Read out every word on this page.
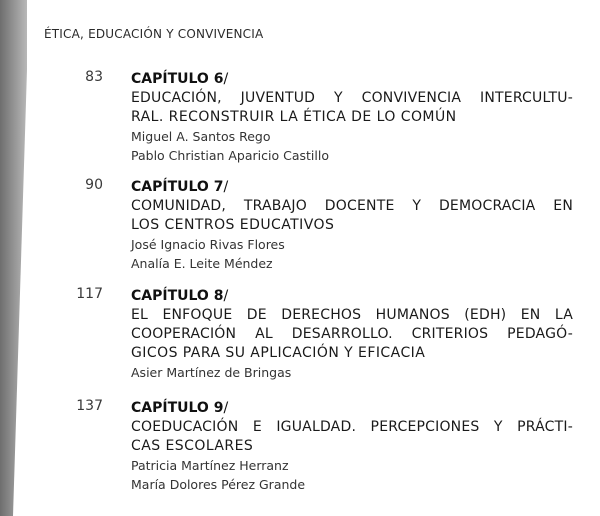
ÉTICA, EDUCACIÓN Y CONVIVENCIA
83 CAPÍTULO 6/
EDUCACIÓN, JUVENTUD Y CONVIVENCIA INTERCULTU-
RAL. RECONSTRUIR LA ÉTICA DE LO COMÚN
Miguel A. Santos Rego
Pablo Christian Aparicio Castillo
90 CAPÍTULO 7/
COMUNIDAD, TRABAJO DOCENTE Y DEMOCRACIA EN
LOS CENTROS EDUCATIVOS
José Ignacio Rivas Flores
Analía E. Leite Méndez
117 CAPÍTULO 8/
EL ENFOQUE DE DERECHOS HUMANOS (EDH) EN LA
COOPERACIÓN AL DESARROLLO. CRITERIOS PEDAGÓ-
GICOS PARA SU APLICACIÓN Y EFICACIA
Asier Martínez de Bringas
137 CAPÍTULO 9/
COEDUCACIÓN E IGUALDAD. PERCEPCIONES Y PRÁCTI-
CAS ESCOLARES
Patricia Martínez Herranz
María Dolores Pérez Grande
